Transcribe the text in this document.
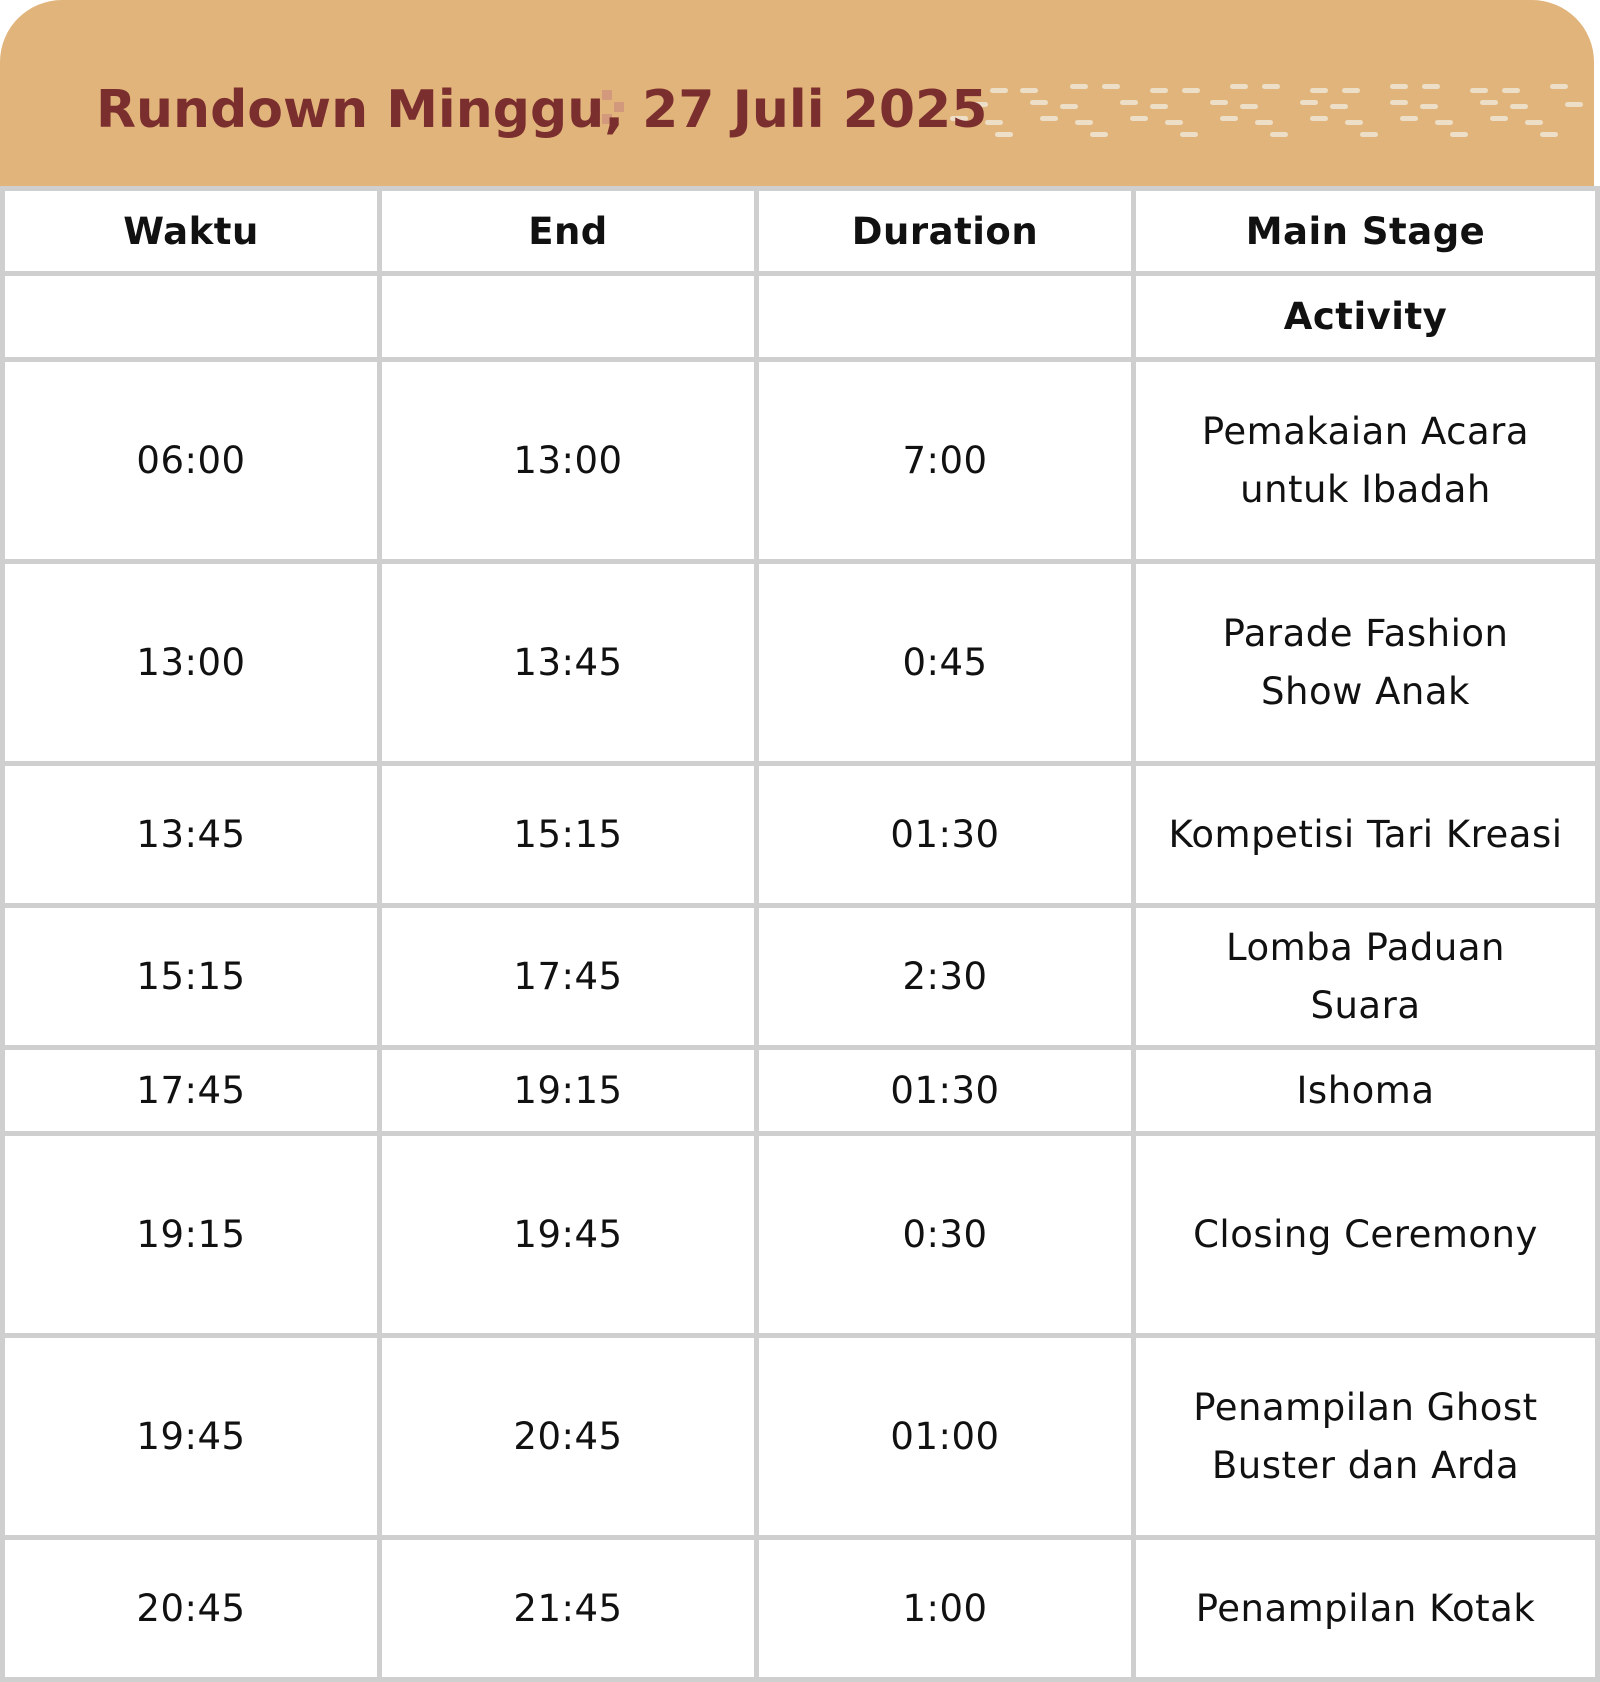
Rundown Minggu, 27 Juli 2025
Waktu	End	Duration	Main Stage
			Activity
06:00	13:00	7:00	Pemakaian Acara
untuk Ibadah

13:00	13:45	0:45	Parade Fashion
Show Anak

13:45	15:15	01:30	Kompetisi Tari Kreasi

15:15	17:45	2:30	Lomba Paduan
Suara

17:45	19:15	01:30	Ishoma

19:15	19:45	0:30	Closing Ceremony

19:45	20:45	01:00	Penampilan Ghost
Buster dan Arda

20:45	21:45	1:00	Penampilan Kotak
